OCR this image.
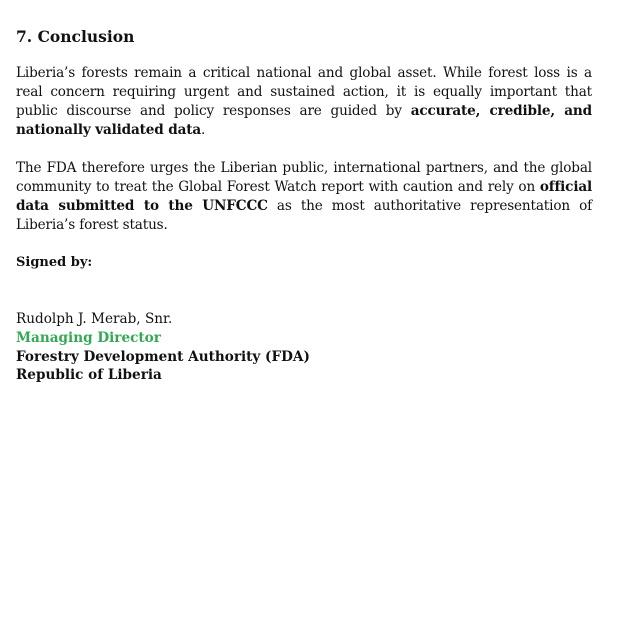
7. Conclusion

Liberia’s forests remain a critical national and global asset. While forest loss is a real concern requiring urgent and sustained action, it is equally important that public discourse and policy responses are guided by accurate, credible, and nationally validated data.

The FDA therefore urges the Liberian public, international partners, and the global community to treat the Global Forest Watch report with caution and rely on official data submitted to the UNFCCC as the most authoritative representation of Liberia’s forest status.

Signed by:
Rudolph J. Merab, Snr.
Managing Director
Forestry Development Authority (FDA)
Republic of Liberia
